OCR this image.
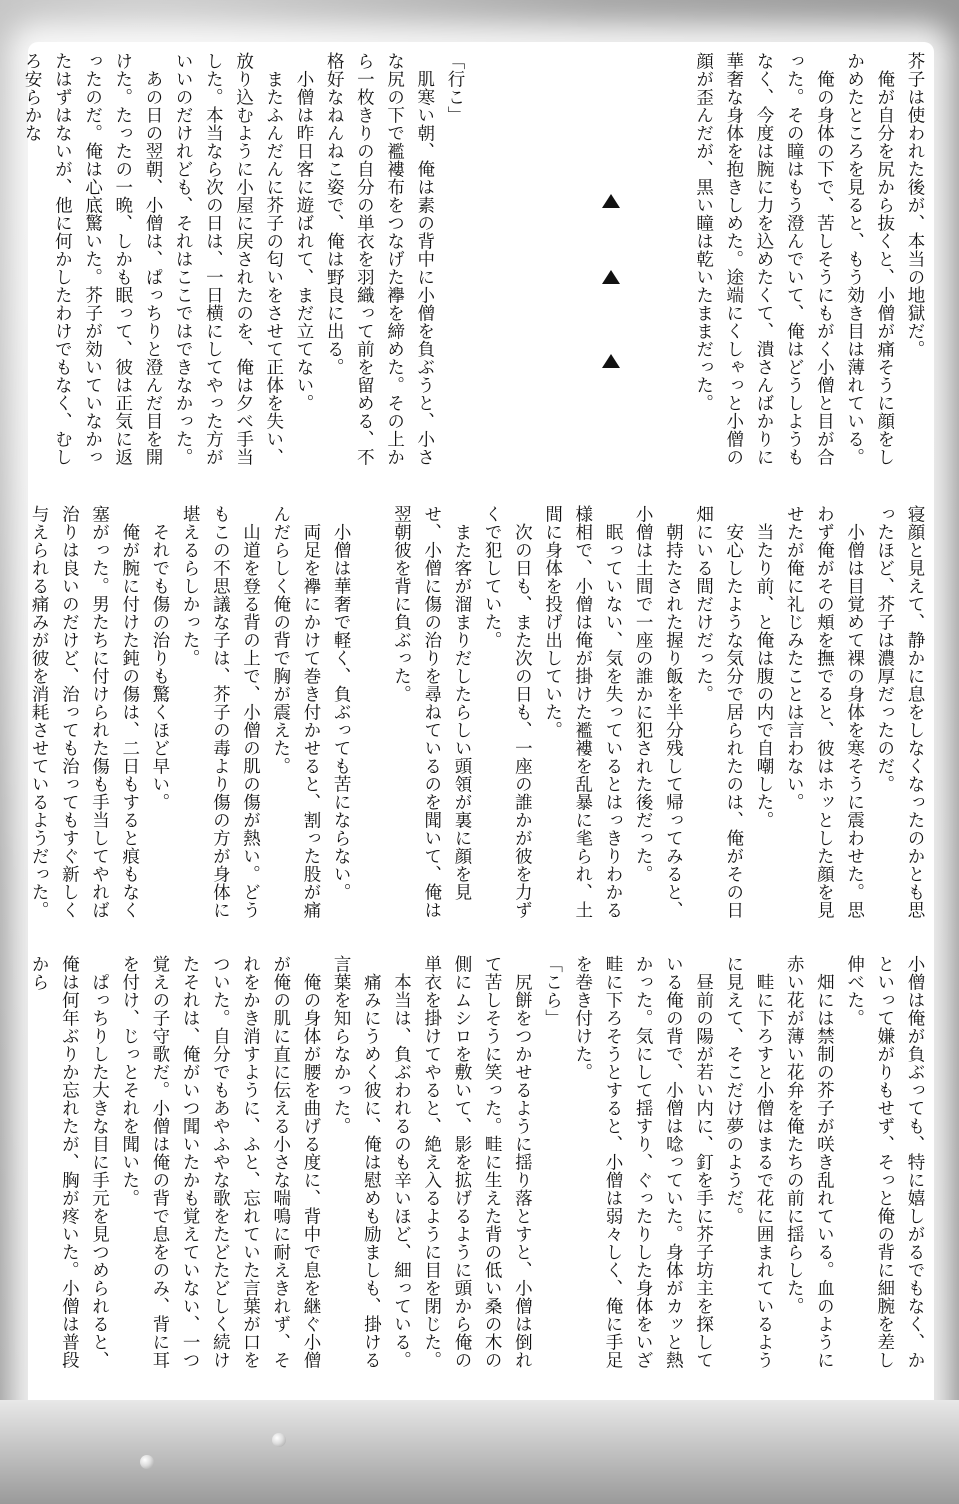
芥子は使われた後が、本当の地獄だ。
　俺が自分を尻から抜くと、小僧が痛そうに顔をしかめたところを見ると、もう効き目は薄れている。
　俺の身体の下で、苦しそうにもがく小僧と目が合った。その瞳はもう澄んでいて、俺はどうしようもなく、今度は腕に力を込めたくて、潰さんばかりに華奢な身体を抱きしめた。途端にくしゃっと小僧の顔が歪んだが、黒い瞳は乾いたままだった。
「行こ」
　肌寒い朝、俺は素の背中に小僧を負ぶうと、小さな尻の下で襤褸布をつなげた襷を締めた。その上から一枚きりの自分の単衣を羽織って前を留める、不格好なねんねこ姿で、俺は野良に出る。
　小僧は昨日客に遊ばれて、まだ立てない。
　またふんだんに芥子の匂いをさせて正体を失い、放り込むように小屋に戻されたのを、俺は夕べ手当した。本当なら次の日は、一日横にしてやった方がいいのだけれども、それはここではできなかった。
　あの日の翌朝、小僧は、ぱっちりと澄んだ目を開けた。たったの一晩、しかも眠って、彼は正気に返ったのだ。俺は心底驚いた。芥子が効いていなかったはずはないが、他に何かしたわけでもなく、むしろ安らかな
寝顔と見えて、静かに息をしなくなったのかとも思ったほど、芥子は濃厚だったのだ。
　小僧は目覚めて裸の身体を寒そうに震わせた。思わず俺がその頬を撫でると、彼はホッとした顔を見せたが俺に礼じみたことは言わない。
　当たり前、と俺は腹の内で自嘲した。
　安心したような気分で居られたのは、俺がその日畑にいる間だけだった。
　朝持たされた握り飯を半分残して帰ってみると、小僧は土間で一座の誰かに犯された後だった。
　眠っていない、気を失っているとはっきりわかる様相で、小僧は俺が掛けた襤褸を乱暴に毟られ、土間に身体を投げ出していた。
　次の日も、また次の日も、一座の誰かが彼を力ずくで犯していた。
　また客が溜まりだしたらしい頭領が裏に顔を見せ、小僧に傷の治りを尋ねているのを聞いて、俺は翌朝彼を背に負ぶった。

　小僧は華奢で軽く、負ぶっても苦にならない。
　両足を襷にかけて巻き付かせると、割った股が痛んだらしく俺の背で胸が震えた。
　山道を登る背の上で、小僧の肌の傷が熱い。どうもこの不思議な子は、芥子の毒より傷の方が身体に堪えるらしかった。
　それでも傷の治りも驚くほど早い。
　俺が腕に付けた鈍の傷は、二日もすると痕もなく塞がった。男たちに付けられた傷も手当してやれば治りは良いのだけど、治っても治ってもすぐ新しく与えられる痛みが彼を消耗させているようだった。
小僧は俺が負ぶっても、特に嬉しがるでもなく、かといって嫌がりもせず、そっと俺の背に細腕を差し伸べた。
　畑には禁制の芥子が咲き乱れている。血のように赤い花が薄い花弁を俺たちの前に揺らした。
　畦に下ろすと小僧はまるで花に囲まれているように見えて、そこだけ夢のようだ。
　昼前の陽が若い内に、釘を手に芥子坊主を探している俺の背で、小僧は唸っていた。身体がカッと熱かった。気にして揺すり、ぐったりした身体をいざ畦に下ろそうとすると、小僧は弱々しく、俺に手足を巻き付けた。
「こら」
　尻餅をつかせるように揺り落とすと、小僧は倒れて苦しそうに笑った。畦に生えた背の低い桑の木の側にムシロを敷いて、影を拡げるように頭から俺の単衣を掛けてやると、絶え入るように目を閉じた。
　本当は、負ぶわれるのも辛いほど、細っている。
　痛みにうめく彼に、俺は慰めも励ましも、掛ける言葉を知らなかった。
　俺の身体が腰を曲げる度に、背中で息を継ぐ小僧が俺の肌に直に伝える小さな喘鳴に耐えきれず、それをかき消すように、ふと、忘れていた言葉が口をついた。自分でもあやふやな歌をたどたどしく続けたそれは、俺がいつ聞いたかも覚えていない、一つ覚えの子守歌だ。小僧は俺の背で息をのみ、背に耳を付け、じっとそれを聞いた。
　ぱっちりした大きな目に手元を見つめられると、俺は何年ぶりか忘れたが、胸が疼いた。小僧は普段から
